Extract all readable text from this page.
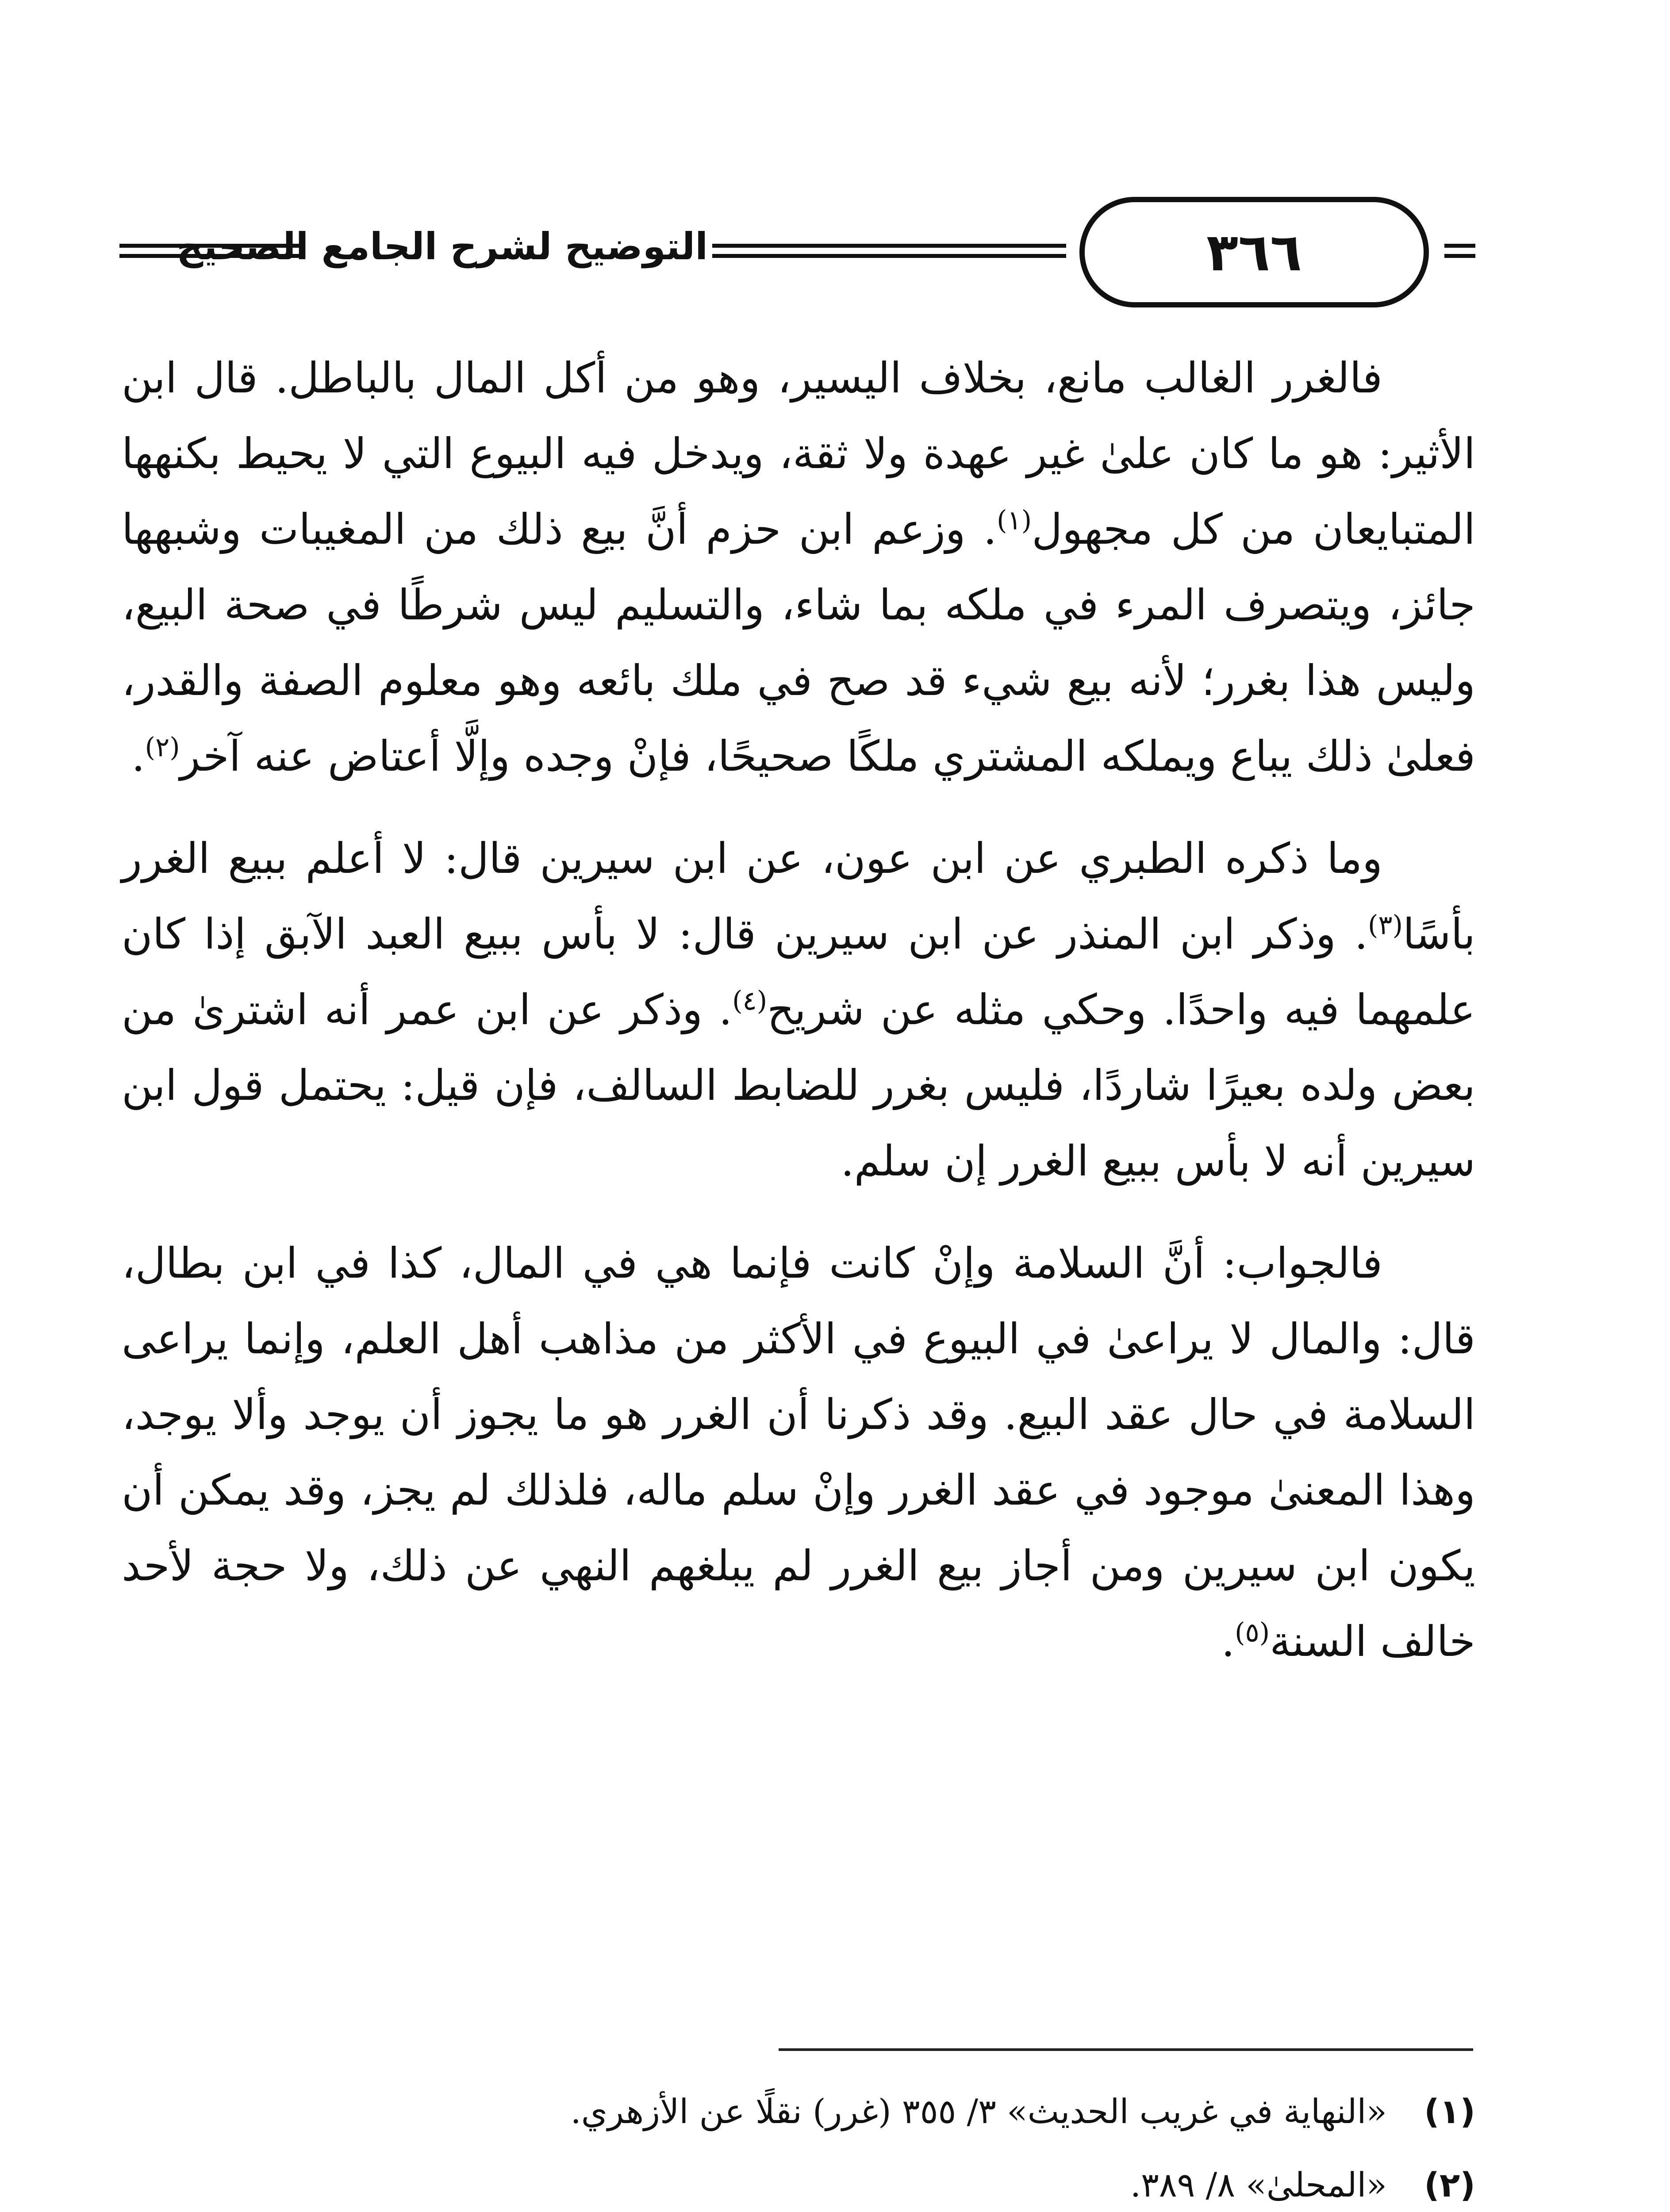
التوضيح لشرح الجامع الصحيح	٣٦٦

فالغرر الغالب مانع، بخلاف اليسير، وهو من أكل المال بالباطل. قال ابن الأثير: هو ما كان علىٰ غير عهدة ولا ثقة، ويدخل فيه البيوع التي لا يحيط بكنهها المتبايعان من كل مجهول$^{(١)}$. وزعم ابن حزم أنَّ بيع ذلك من المغيبات وشبهها جائز، ويتصرف المرء في ملكه بما شاء، والتسليم ليس شرطًا في صحة البيع، وليس هذا بغرر؛ لأنه بيع شيء قد صح في ملك بائعه وهو معلوم الصفة والقدر، فعلىٰ ذلك يباع ويملكه المشتري ملكًا صحيحًا، فإنْ وجده وإلَّا أعتاض عنه آخر$^{(٢)}$.

وما ذكره الطبري عن ابن عون، عن ابن سيرين قال: لا أعلم ببيع الغرر بأسًا$^{(٣)}$. وذكر ابن المنذر عن ابن سيرين قال: لا بأس ببيع العبد الآبق إذا كان علمهما فيه واحدًا. وحكي مثله عن شريح$^{(٤)}$. وذكر عن ابن عمر أنه اشترىٰ من بعض ولده بعيرًا شاردًا، فليس بغرر للضابط السالف، فإن قيل: يحتمل قول ابن سيرين أنه لا بأس ببيع الغرر إن سلم.

فالجواب: أنَّ السلامة وإنْ كانت فإنما هي في المال، كذا في ابن بطال، قال: والمال لا يراعىٰ في البيوع في الأكثر من مذاهب أهل العلم، وإنما يراعى السلامة في حال عقد البيع. وقد ذكرنا أن الغرر هو ما يجوز أن يوجد وألا يوجد، وهذا المعنىٰ موجود في عقد الغرر وإنْ سلم ماله، فلذلك لم يجز، وقد يمكن أن يكون ابن سيرين ومن أجاز بيع الغرر لم يبلغهم النهي عن ذلك، ولا حجة لأحد خالف السنة$^{(٥)}$.

(١)
«النهاية في غريب الحديث» ٣/ ٣٥٥ (غرر) نقلًا عن الأزهري.
(٢)
«المحلىٰ» ٨/ ٣٨٩.
